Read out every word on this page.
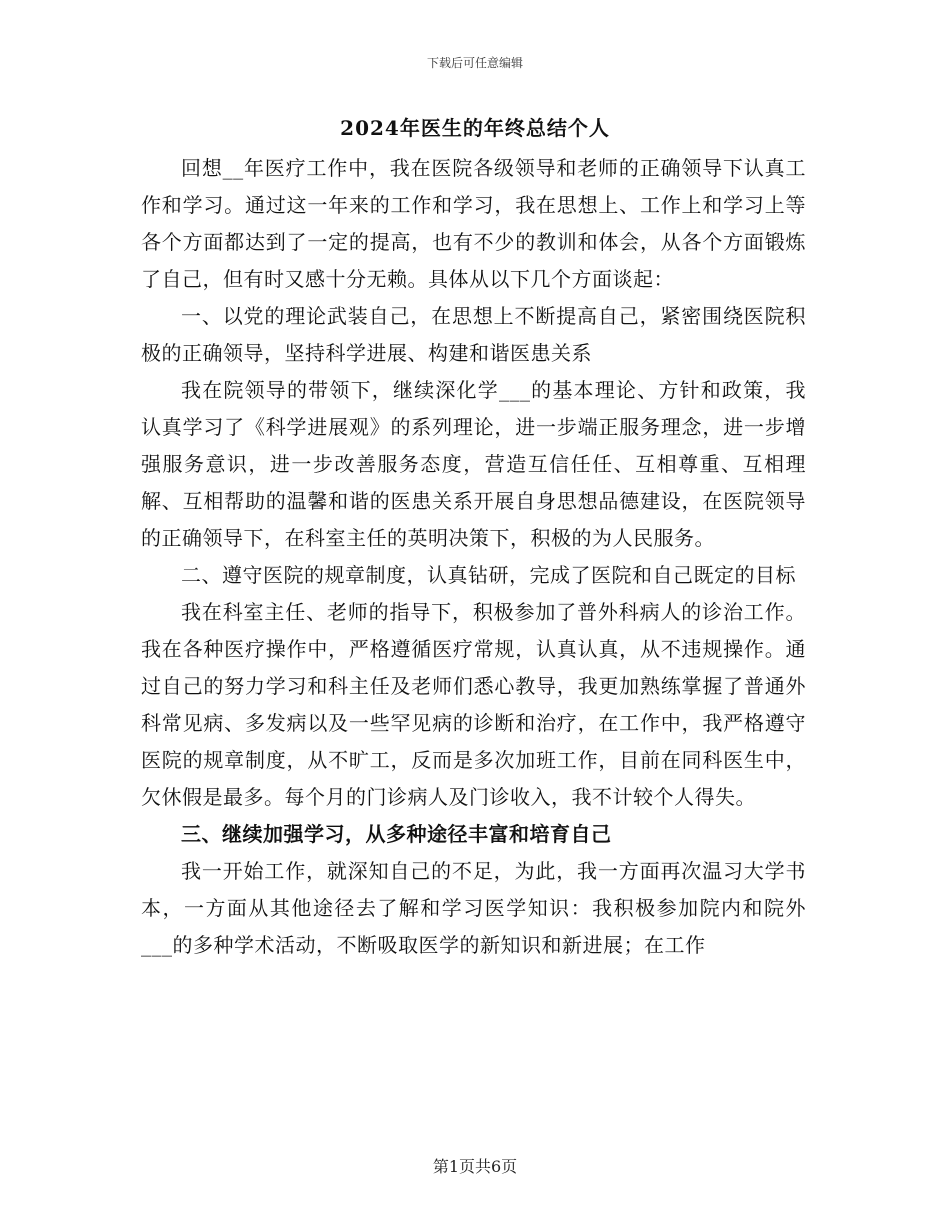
下载后可任意编辑
2024年医生的年终总结个人

回想__年医疗工作中，我在医院各级领导和老师的正确领导下认真工作和学习。通过这一年来的工作和学习，我在思想上、工作上和学习上等各个方面都达到了一定的提高，也有不少的教训和体会，从各个方面锻炼了自己，但有时又感十分无赖。具体从以下几个方面谈起：

一、以党的理论武装自己，在思想上不断提高自己，紧密围绕医院积极的正确领导，坚持科学进展、构建和谐医患关系

我在院领导的带领下，继续深化学___的基本理论、方针和政策，我认真学习了《科学进展观》的系列理论，进一步端正服务理念，进一步增强服务意识，进一步改善服务态度，营造互信任任、互相尊重、互相理解、互相帮助的温馨和谐的医患关系开展自身思想品德建设，在医院领导的正确领导下，在科室主任的英明决策下，积极的为人民服务。

二、遵守医院的规章制度，认真钻研，完成了医院和自己既定的目标

我在科室主任、老师的指导下，积极参加了普外科病人的诊治工作。我在各种医疗操作中，严格遵循医疗常规，认真认真，从不违规操作。通过自己的努力学习和科主任及老师们悉心教导，我更加熟练掌握了普通外科常见病、多发病以及一些罕见病的诊断和治疗，在工作中，我严格遵守医院的规章制度，从不旷工，反而是多次加班工作，目前在同科医生中，欠休假是最多。每个月的门诊病人及门诊收入，我不计较个人得失。

三、继续加强学习，从多种途径丰富和培育自己

我一开始工作，就深知自己的不足，为此，我一方面再次温习大学书本，一方面从其他途径去了解和学习医学知识：我积极参加院内和院外___的多种学术活动，不断吸取医学的新知识和新进展；在工作

第1页共6页
